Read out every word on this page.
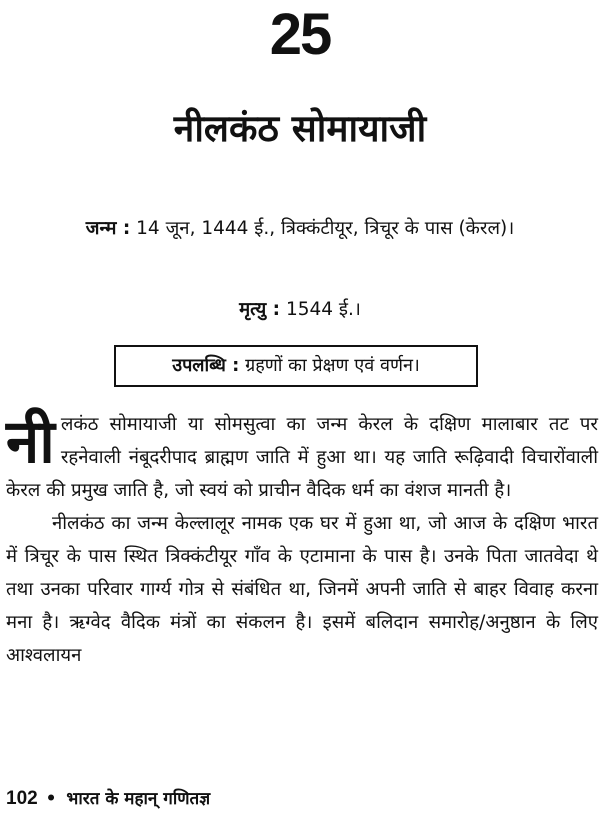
25
नीलकंठ सोमायाजी
जन्म : 14 जून, 1444 ई., त्रिक्कंटीयूर, त्रिचूर के पास (केरल)।
मृत्यु : 1544 ई.।
उपलब्धि : ग्रहणों का प्रेक्षण एवं वर्णन।

नी लकंठ सोमायाजी या सोमसुत्वा का जन्म केरल के दक्षिण मालाबार तट पर रहनेवाली नंबूदरीपाद ब्राह्मण जाति में हुआ था। यह जाति रूढ़िवादी विचारोंवाली केरल की प्रमुख जाति है, जो स्वयं को प्राचीन वैदिक धर्म का वंशज मानती है।

नीलकंठ का जन्म केल्लालूर नामक एक घर में हुआ था, जो आज के दक्षिण भारत में त्रिचूर के पास स्थित त्रिक्कंटीयूर गाँव के एटामाना के पास है। उनके पिता जातवेदा थे तथा उनका परिवार गार्ग्य गोत्र से संबंधित था, जिनमें अपनी जाति से बाहर विवाह करना मना है। ऋग्वेद वैदिक मंत्रों का संकलन है। इसमें बलिदान समारोह/अनुष्ठान के लिए आश्वलायन

102 • भारत के महान् गणितज्ञ
